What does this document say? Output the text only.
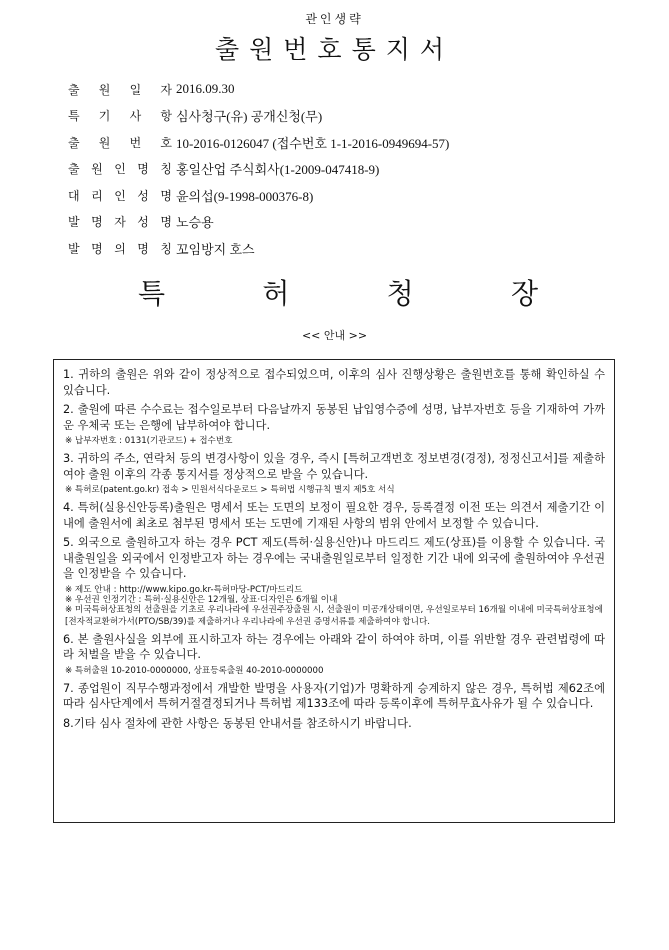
관인생략
출원번호통지서
출 원 일 자 2016.09.30
특 기 사 항 심사청구(유) 공개신청(무)
출 원 번 호 10-2016-0126047 (접수번호 1-1-2016-0949694-57)
출 원 인 명 칭 홍일산업 주식회사(1-2009-047418-9)
대 리 인 성 명 윤의섭(9-1998-000376-8)
발 명 자 성 명 노승용
발 명 의 명 칭 꼬임방지 호스
특	허	청	장
<< 안내 >>
1. 귀하의 출원은 위와 같이 정상적으로 접수되었으며, 이후의 심사 진행상황은 출원번호를 통해 확인하실 수 있습니다.
2. 출원에 따른 수수료는 접수일로부터 다음날까지 동봉된 납입영수증에 성명, 납부자번호 등을 기재하여 가까운 우체국 또는 은행에 납부하여야 합니다.
※ 납부자번호 : 0131(기관코드) + 접수번호
3. 귀하의 주소, 연락처 등의 변경사항이 있을 경우, 즉시 [특허고객번호 정보변경(경정), 정정신고서]를 제출하여야 출원 이후의 각종 통지서를 정상적으로 받을 수 있습니다.
※ 특허로(patent.go.kr) 접속 > 민원서식다운로드 > 특허법 시행규칙 별지 제5호 서식
4. 특허(실용신안등록)출원은 명세서 또는 도면의 보정이 필요한 경우, 등록결정 이전 또는 의견서 제출기간 이내에 출원서에 최초로 첨부된 명세서 또는 도면에 기재된 사항의 범위 안에서 보정할 수 있습니다.
5. 외국으로 출원하고자 하는 경우 PCT 제도(특허·실용신안)나 마드리드 제도(상표)를 이용할 수 있습니다. 국내출원일을 외국에서 인정받고자 하는 경우에는 국내출원일로부터 일정한 기간 내에 외국에 출원하여야 우선권을 인정받을 수 있습니다.
※ 제도 안내 : http://www.kipo.go.kr-특허마당-PCT/마드리드
※ 우선권 인정기간 : 특허·실용신안은 12개월, 상표·디자인은 6개월 이내
※ 미국특허상표청의 선출원을 기초로 우리나라에 우선권주장출원 시, 선출원이 미공개상태이면, 우선일로부터 16개월 이내에 미국특허상표청에 [전자적교환허가서(PTO/SB/39)를 제출하거나 우리나라에 우선권 증명서류를 제출하여야 합니다.
6. 본 출원사실을 외부에 표시하고자 하는 경우에는 아래와 같이 하여야 하며, 이를 위반할 경우 관련법령에 따라 처벌을 받을 수 있습니다.
※ 특허출원 10-2010-0000000, 상표등록출원 40-2010-0000000
7. 종업원이 직무수행과정에서 개발한 발명을 사용자(기업)가 명확하게 승계하지 않은 경우, 특허법 제62조에 따라 심사단계에서 특허거절결정되거나 특허법 제133조에 따라 등록이후에 특허무효사유가 될 수 있습니다.
8.기타 심사 절차에 관한 사항은 동봉된 안내서를 참조하시기 바랍니다.
